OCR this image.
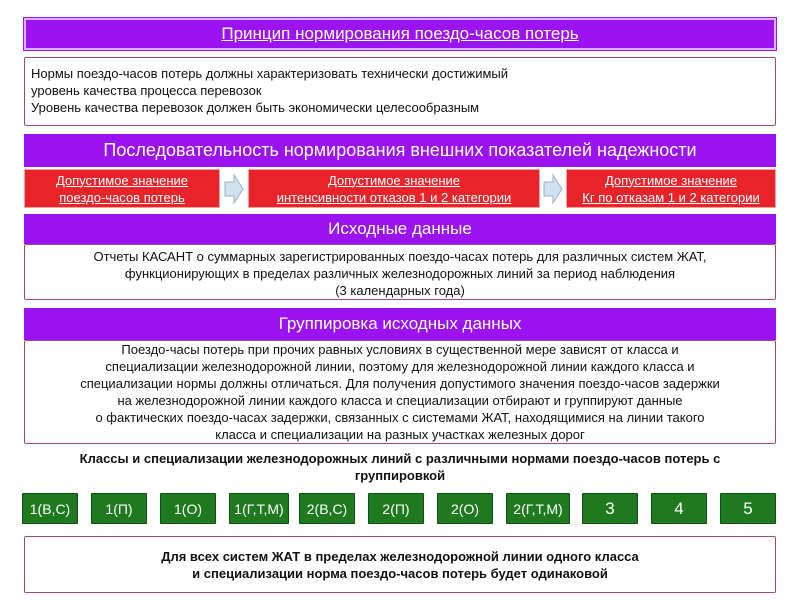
Принцип нормирования поездо-часов потерь
Нормы поездо-часов потерь должны характеризовать технически достижимый
уровень качества процесса перевозок
Уровень качества перевозок должен быть экономически целесообразным
Последовательность нормирования внешних показателей надежности
Допустимое значение
поездо-часов потерь
Допустимое значение
интенсивности отказов 1 и 2 категории
Допустимое значение
Кг по отказам 1 и 2 категории
Исходные данные
Отчеты КАСАНТ о суммарных зарегистрированных поездо-часах потерь для различных систем ЖАТ,
функционирующих в пределах различных железнодорожных линий за период наблюдения
(3 календарных года)
Группировка исходных данных
Поездо-часы потерь при прочих равных условиях в существенной мере зависят от класса и
специализации железнодорожной линии, поэтому для железнодорожной линии каждого класса и
специализации нормы должны отличаться. Для получения допустимого значения поездо-часов задержки
на железнодорожной линии каждого класса и специализации отбирают и группируют данные
о фактических поездо-часах задержки, связанных с системами ЖАТ, находящимися на линии такого
класса и специализации на разных участках железных дорог
Классы и специализации железнодорожных линий с различными нормами поездо-часов потерь с
группировкой
1(В,С)	1(П)	1(О)	1(Г,Т,М)	2(В,С)	2(П)	2(О)	2(Г,Т,М)	3	4	5
Для всех систем ЖАТ в пределах железнодорожной линии одного класса
и специализации норма поездо-часов потерь будет одинаковой
